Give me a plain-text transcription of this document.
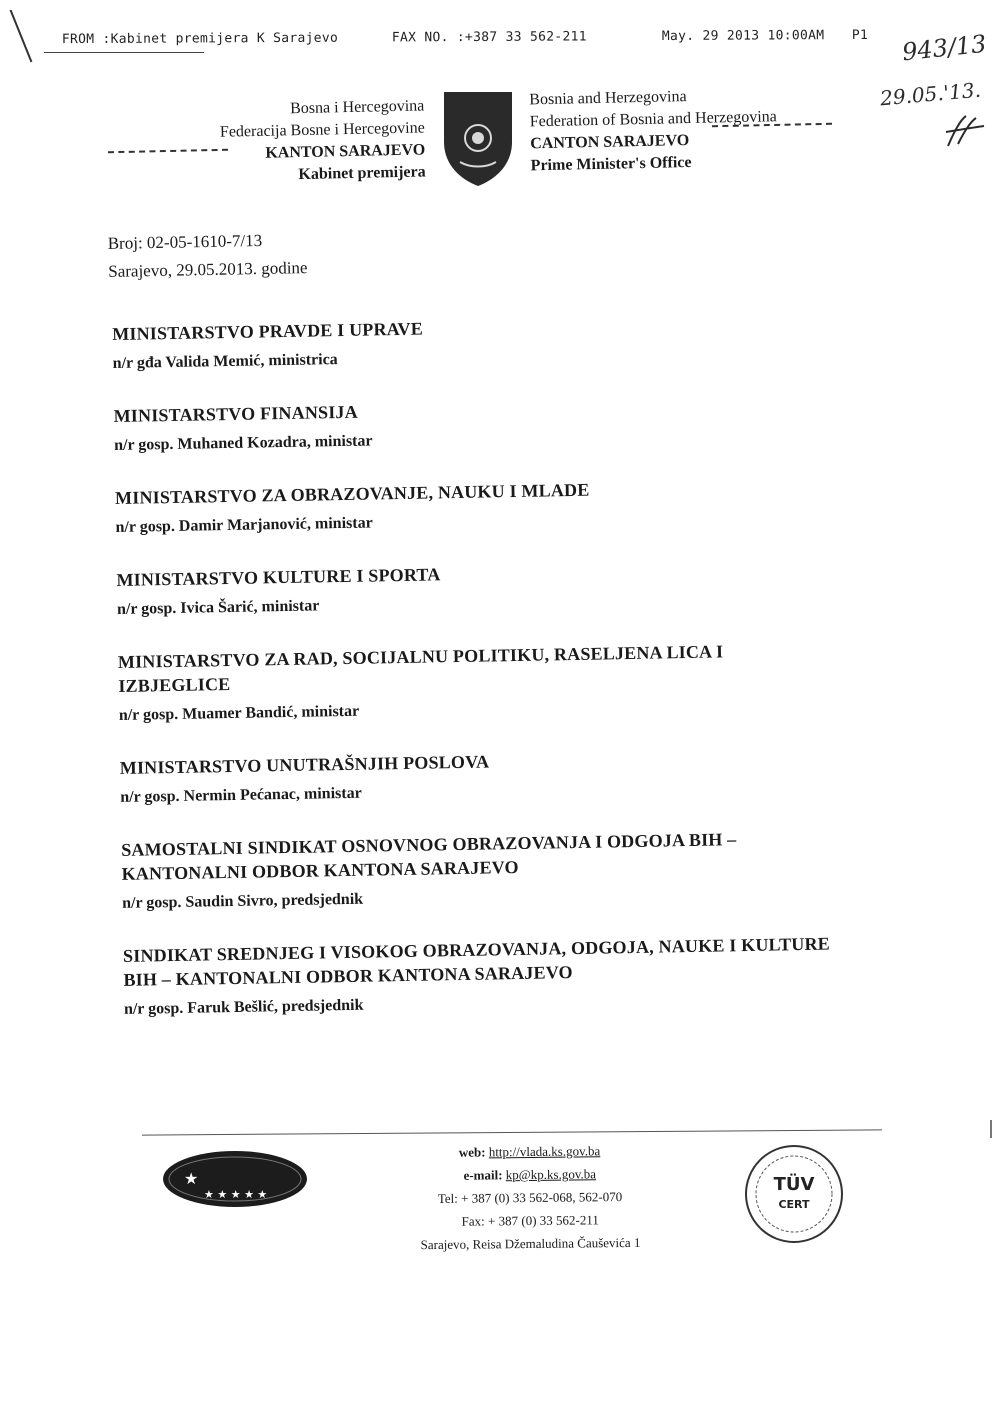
FROM :Kabinet premijera K Sarajevo

	FAX NO. :+387 33 562-211

	May. 29 2013 10:00AM

P1

943/13
29.05.'13.
Bosna i Hercegovina
Federacija Bosne i Hercegovine
KANTON SARAJEVO
Kabinet premijera
Bosnia and Herzegovina
Federation of Bosnia and Herzegovina
CANTON SARAJEVO
Prime Minister's Office
Broj: 02-05-1610-7/13
Sarajevo, 29.05.2013. godine
MINISTARSTVO PRAVDE I UPRAVE
n/r gđa Valida Memić, ministrica
MINISTARSTVO FINANSIJA
n/r gosp. Muhaned Kozadra, ministar
MINISTARSTVO ZA OBRAZOVANJE, NAUKU I MLADE
n/r gosp. Damir Marjanović, ministar
MINISTARSTVO KULTURE I SPORTA
n/r gosp. Ivica Šarić, ministar
MINISTARSTVO ZA RAD, SOCIJALNU POLITIKU, RASELJENA LICA I IZBJEGLICE
n/r gosp. Muamer Bandić, ministar
MINISTARSTVO UNUTRAŠNJIH POSLOVA
n/r gosp. Nermin Pećanac, ministar
SAMOSTALNI SINDIKAT OSNOVNOG OBRAZOVANJA I ODGOJA BIH – KANTONALNI ODBOR KANTONA SARAJEVO
n/r gosp. Saudin Sivro, predsjednik
SINDIKAT SREDNJEG I VISOKOG OBRAZOVANJA, ODGOJA, NAUKE I KULTURE BIH – KANTONALNI ODBOR KANTONA SARAJEVO
n/r gosp. Faruk Bešlić, predsjednik
★
★ ★ ★ ★ ★
web: http://vlada.ks.gov.ba
e-mail: kp@kp.ks.gov.ba
Tel: + 387 (0) 33 562-068, 562-070
Fax: + 387 (0) 33 562-211
Sarajevo, Reisa Džemaludina Čauševića 1
TÜV
CERT
